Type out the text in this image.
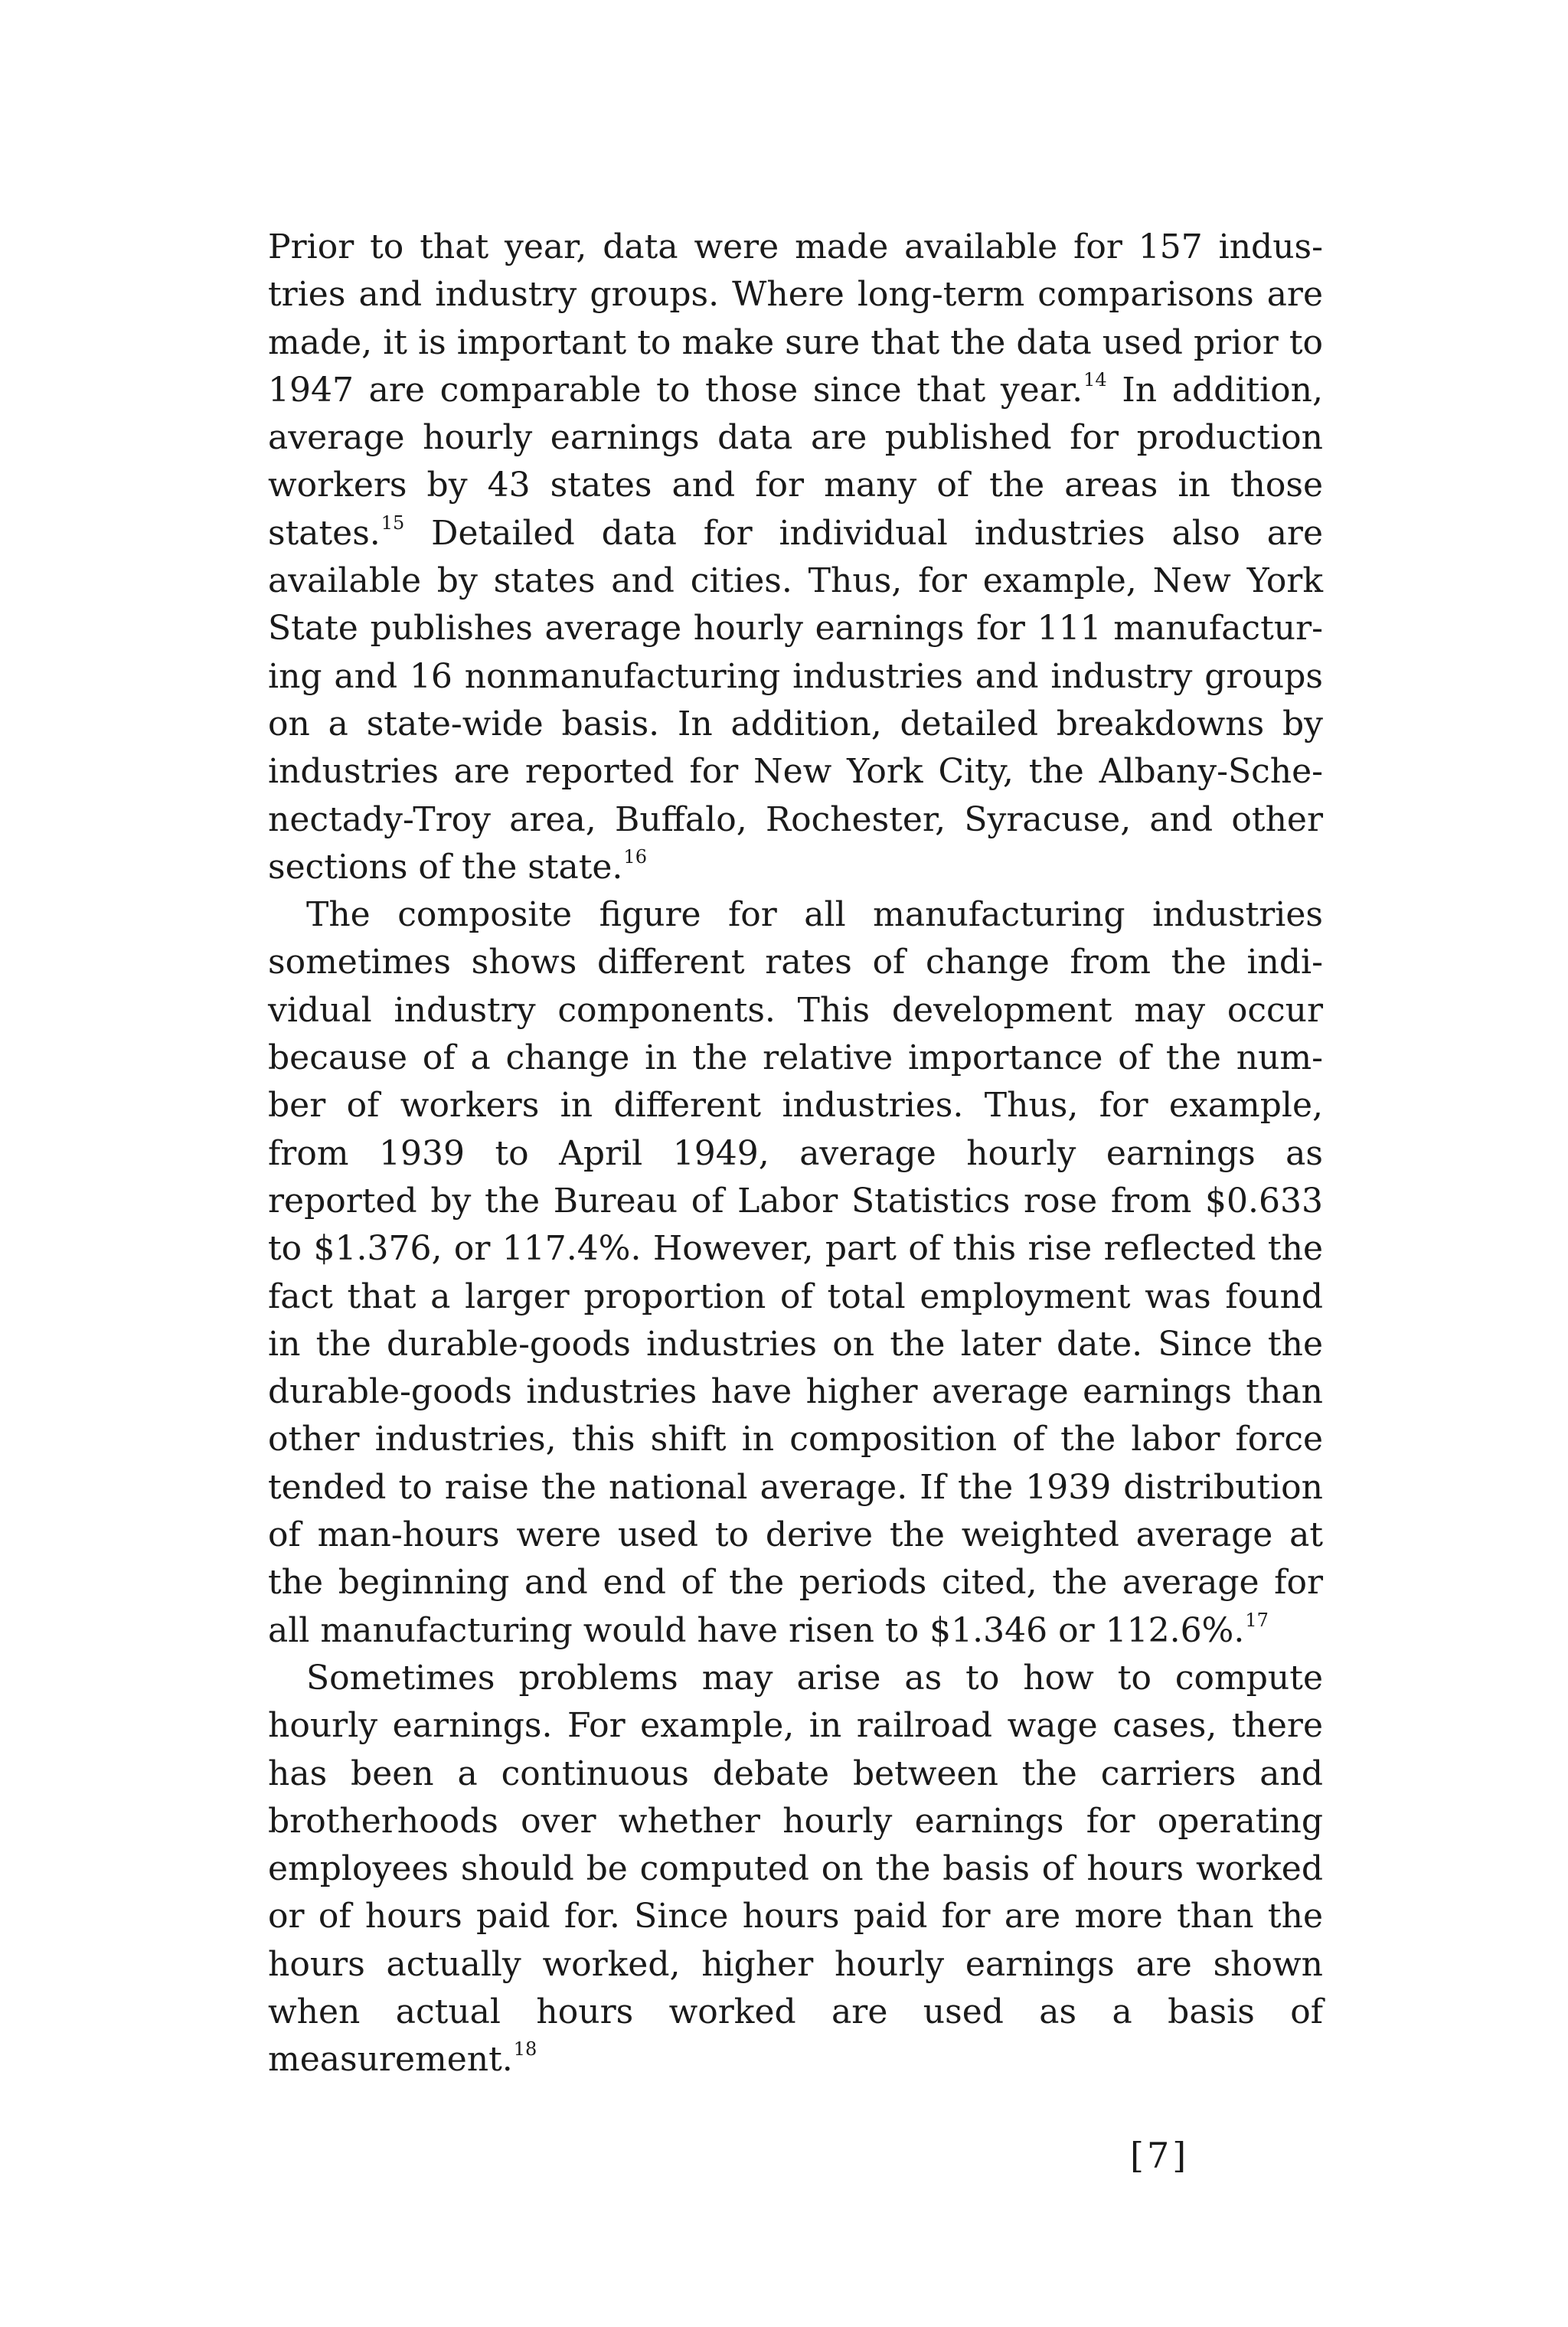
Prior to that year, data were made available for 157 industries and industry groups. Where long-term comparisons are made, it is important to make sure that the data used prior to 1947 are comparable to those since that year.$^{14}$ In addition, average hourly earnings data are published for production workers by 43 states and for many of the areas in those states.$^{15}$ Detailed data for individual industries also are available by states and cities. Thus, for example, New York State publishes average hourly earnings for 111 manufacturing and 16 nonmanufacturing industries and industry groups on a state-wide basis. In addition, detailed breakdowns by industries are reported for New York City, the Albany-Schenectady-Troy area, Buffalo, Rochester, Syracuse, and other sections of the state.$^{16}$

The composite figure for all manufacturing industries sometimes shows different rates of change from the individual industry components. This development may occur because of a change in the relative importance of the number of workers in different industries. Thus, for example, from 1939 to April 1949, average hourly earnings as reported by the Bureau of Labor Statistics rose from $0.633 to $1.376, or 117.4%. However, part of this rise reflected the fact that a larger proportion of total employment was found in the durable-goods industries on the later date. Since the durable-goods industries have higher average earnings than other industries, this shift in composition of the labor force tended to raise the national average. If the 1939 distribution of man-hours were used to derive the weighted average at the beginning and end of the periods cited, the average for all manufacturing would have risen to $1.346 or 112.6%.$^{17}$

Sometimes problems may arise as to how to compute hourly earnings. For example, in railroad wage cases, there has been a continuous debate between the carriers and brotherhoods over whether hourly earnings for operating employees should be computed on the basis of hours worked or of hours paid for. Since hours paid for are more than the hours actually worked, higher hourly earnings are shown when actual hours worked are used as a basis of measurement.$^{18}$

[7]
